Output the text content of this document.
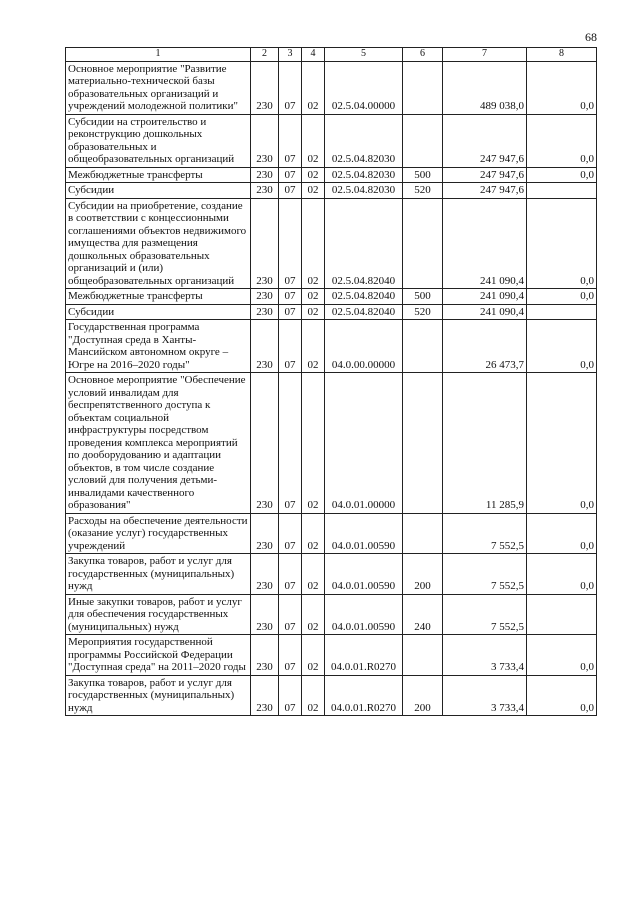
68
1	2	3	4	5	6	7	8
Основное мероприятие "Развитие материально-технической базы образовательных организаций и учреждений молодежной политики"	230	07	02	02.5.04.00000		489 038,0	0,0
Субсидии на строительство и реконструкцию дошкольных образовательных и общеобразовательных организаций	230	07	02	02.5.04.82030		247 947,6	0,0
Межбюджетные трансферты	230	07	02	02.5.04.82030	500	247 947,6	0,0
Субсидии	230	07	02	02.5.04.82030	520	247 947,6	
Субсидии на приобретение, создание в соответствии с концессионными соглашениями объектов недвижимого имущества для размещения дошкольных образовательных организаций и (или) общеобразовательных организаций	230	07	02	02.5.04.82040		241 090,4	0,0
Межбюджетные трансферты	230	07	02	02.5.04.82040	500	241 090,4	0,0
Субсидии	230	07	02	02.5.04.82040	520	241 090,4	
Государственная программа "Доступная среда в Ханты-Мансийском автономном округе – Югре на 2016–2020 годы"	230	07	02	04.0.00.00000		26 473,7	0,0
Основное мероприятие "Обеспечение условий инвалидам для беспрепятственного доступа к объектам социальной инфраструктуры посредством проведения комплекса мероприятий по дооборудованию и адаптации объектов, в том числе создание условий для получения детьми-инвалидами качественного образования"	230	07	02	04.0.01.00000		11 285,9	0,0
Расходы на обеспечение деятельности (оказание услуг) государственных учреждений	230	07	02	04.0.01.00590		7 552,5	0,0
Закупка товаров, работ и услуг для государственных (муниципальных) нужд	230	07	02	04.0.01.00590	200	7 552,5	0,0
Иные закупки товаров, работ и услуг для обеспечения государственных (муниципальных) нужд	230	07	02	04.0.01.00590	240	7 552,5	
Мероприятия государственной программы Российской Федерации "Доступная среда" на 2011–2020 годы	230	07	02	04.0.01.R0270		3 733,4	0,0
Закупка товаров, работ и услуг для государственных (муниципальных) нужд	230	07	02	04.0.01.R0270	200	3 733,4	0,0
